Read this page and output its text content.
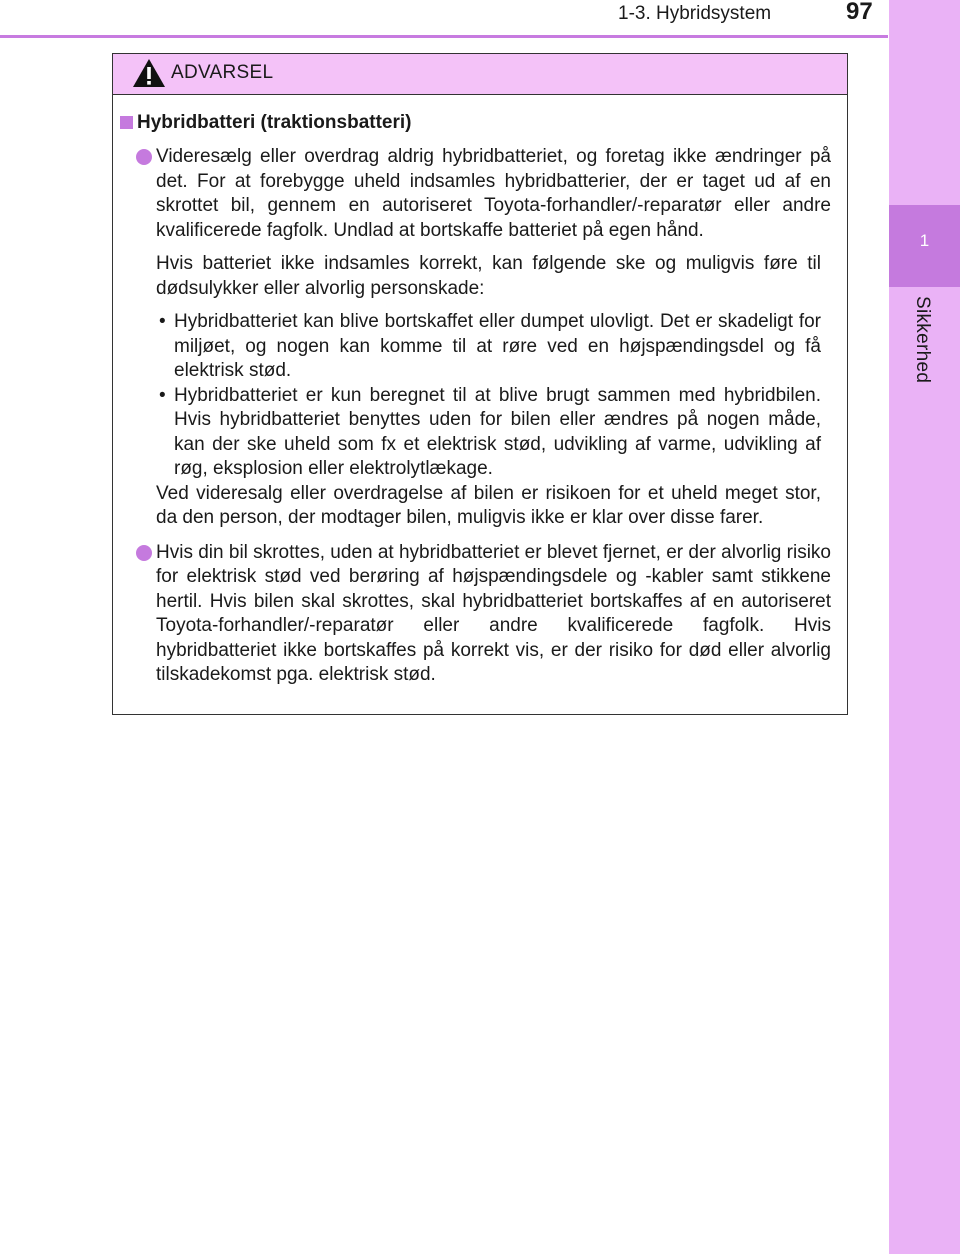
1-3. Hybridsystem	97
1
Sikkerhed
ADVARSEL
Hybridbatteri (traktionsbatteri)
Videresælg eller overdrag aldrig hybridbatteriet, og foretag ikke ændringer på det. For at forebygge uheld indsamles hybridbatterier, der er taget ud af en skrottet bil, gennem en autoriseret Toyota-forhandler/-reparatør eller andre kvalificerede fagfolk. Undlad at bortskaffe batteriet på egen hånd.
Hvis batteriet ikke indsamles korrekt, kan følgende ske og muligvis føre til dødsulykker eller alvorlig personskade:
• Hybridbatteriet kan blive bortskaffet eller dumpet ulovligt. Det er skadeligt for miljøet, og nogen kan komme til at røre ved en højspændingsdel og få elektrisk stød.
• Hybridbatteriet er kun beregnet til at blive brugt sammen med hybridbilen. Hvis hybridbatteriet benyttes uden for bilen eller ændres på nogen måde, kan der ske uheld som fx et elektrisk stød, udvikling af varme, udvikling af røg, eksplosion eller elektrolytlækage.
Ved videresalg eller overdragelse af bilen er risikoen for et uheld meget stor, da den person, der modtager bilen, muligvis ikke er klar over disse farer.
Hvis din bil skrottes, uden at hybridbatteriet er blevet fjernet, er der alvorlig risiko for elektrisk stød ved berøring af højspændingsdele og -kabler samt stikkene hertil. Hvis bilen skal skrottes, skal hybridbatteriet bortskaffes af en autoriseret Toyota-forhandler/-reparatør eller andre kvalificerede fagfolk. Hvis hybridbatteriet ikke bortskaffes på korrekt vis, er der risiko for død eller alvorlig tilskadekomst pga. elektrisk stød.
